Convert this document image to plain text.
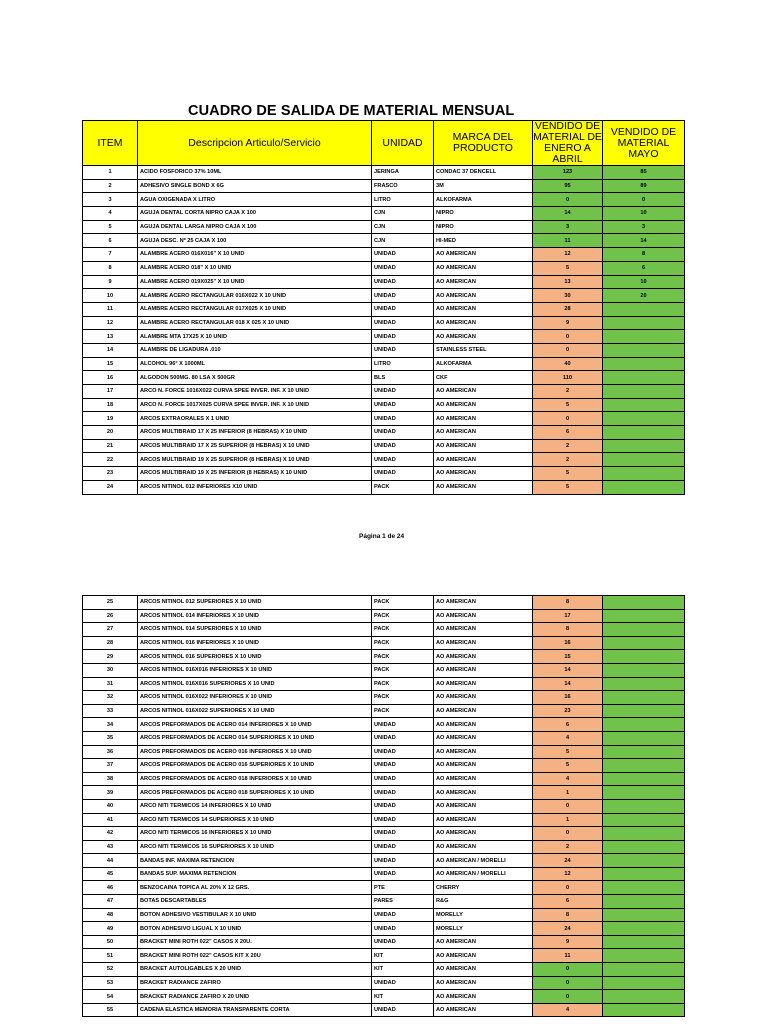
CUADRO DE SALIDA DE MATERIAL MENSUAL
ITEM	Descripcion Articulo/Servicio	UNIDAD	MARCA DEL PRODUCTO	VENDIDO DE MATERIAL DE ENERO A ABRIL	VENDIDO DE MATERIAL MAYO
1	ACIDO FOSFORICO 37% 10ML	JERINGA	CONDAC 37 DENCELL	123	85
2	ADHESIVO SINGLE BOND X 6G	FRASCO	3M	95	89
3	AGUA OXIGENADA X LITRO	LITRO	ALKOFARMA	0	0
4	AGUJA DENTAL CORTA NIPRO CAJA X 100	CJN	NIPRO	14	10
5	AGUJA DENTAL LARGA NIPRO CAJA X 100	CJN	NIPRO	3	3
6	AGUJA DESC. Nº 25 CAJA X 100	CJN	HI-MED	11	14
7	ALAMBRE ACERO 016X016" X 10 UNID	UNIDAD	AO AMERICAN	12	8
8	ALAMBRE ACERO 018" X 10 UNID	UNIDAD	AO AMERICAN	5	6
9	ALAMBRE ACERO 019X025" X 10 UNID	UNIDAD	AO AMERICAN	13	10
10	ALAMBRE ACERO RECTANGULAR 016X022 X 10 UNID	UNIDAD	AO AMERICAN	30	20
11	ALAMBRE ACERO RECTANGULAR 017X025 X 10 UNID	UNIDAD	AO AMERICAN	28	
12	ALAMBRE ACERO RECTANGULAR 018 X 025 X 10 UNID	UNIDAD	AO AMERICAN	9	
13	ALAMBRE MTA 17X25 X 10 UNID	UNIDAD	AO AMERICAN	0	
14	ALAMBRE DE LIGADURA .010	UNIDAD	STAINLESS STEEL	0	
15	ALCOHOL 96° X 1000ML	LITRO	ALKOFARMA	40	
16	ALGODON 500MG. 80 LSA X 500GR	BLS	CKF	110	
17	ARCO N. FORCE 1016X022 CURVA SPEE INVER. INF. X 10 UNID	UNIDAD	AO AMERICAN	2	
18	ARCO N. FORCE 1017X025 CURVA SPEE INVER. INF. X 10 UNID	UNIDAD	AO AMERICAN	5	
19	ARCOS EXTRAORALES X 1 UNID	UNIDAD	AO AMERICAN	0	
20	ARCOS MULTIBRAID 17 X 25 INFERIOR (8 HEBRAS) X 10 UNID	UNIDAD	AO AMERICAN	6	
21	ARCOS MULTIBRAID 17 X 25 SUPERIOR (8 HEBRAS) X 10 UNID	UNIDAD	AO AMERICAN	2	
22	ARCOS MULTIBRAID 19 X 25 SUPERIOR (8 HEBRAS) X 10 UNID	UNIDAD	AO AMERICAN	2	
23	ARCOS MULTIBRAID 19 X 25 INFERIOR (8 HEBRAS) X 10 UNID	UNIDAD	AO AMERICAN	5	
24	ARCOS NITINOL 012 INFERIORES X10 UNID	PACK	AO AMERICAN	5	
Página 1 de 24
25	ARCOS NITINOL 012 SUPERIORES X 10 UNID	PACK	AO AMERICAN	8	
26	ARCOS NITINOL 014 INFERIORES X 10 UNID	PACK	AO AMERICAN	17	
27	ARCOS NITINOL 014 SUPERIORES X 10 UNID	PACK	AO AMERICAN	8	
28	ARCOS NITINOL 016 INFERIORES X 10 UNID	PACK	AO AMERICAN	16	
29	ARCOS NITINOL 016 SUPERIORES X 10 UNID	PACK	AO AMERICAN	15	
30	ARCOS NITINOL 016X016 INFERIORES X 10 UNID	PACK	AO AMERICAN	14	
31	ARCOS NITINOL 016X016 SUPERIORES X 10 UNID	PACK	AO AMERICAN	14	
32	ARCOS NITINOL 016X022 INFERIORES X 10 UNID	PACK	AO AMERICAN	16	
33	ARCOS NITINOL 016X022 SUPERIORES X 10 UNID	PACK	AO AMERICAN	23	
34	ARCOS PREFORMADOS DE ACERO 014 INFERIORES X 10 UNID	UNIDAD	AO AMERICAN	6	
35	ARCOS PREFORMADOS DE ACERO 014 SUPERIORES X 10 UNID	UNIDAD	AO AMERICAN	4	
36	ARCOS PREFORMADOS DE ACERO 016 INFERIORES X 10 UNID	UNIDAD	AO AMERICAN	5	
37	ARCOS PREFORMADOS DE ACERO 016 SUPERIORES X 10 UNID	UNIDAD	AO AMERICAN	5	
38	ARCOS PREFORMADOS DE ACERO 018 INFERIORES X 10 UNID	UNIDAD	AO AMERICAN	4	
39	ARCOS PREFORMADOS DE ACERO 018 SUPERIORES X 10 UNID	UNIDAD	AO AMERICAN	1	
40	ARCO NITI TERMICOS 14 INFERIORES X 10 UNID	UNIDAD	AO AMERICAN	0	
41	ARCO NITI TERMICOS 14 SUPERIORES X 10 UNID	UNIDAD	AO AMERICAN	1	
42	ARCO NITI TERMICOS 16 INFERIORES X 10 UNID	UNIDAD	AO AMERICAN	0	
43	ARCO NITI TERMICOS 16 SUPERIORES X 10 UNID	UNIDAD	AO AMERICAN	2	
44	BANDAS INF. MAXIMA RETENCION	UNIDAD	AO AMERICAN / MORELLI	24	
45	BANDAS SUP. MAXIMA RETENCION	UNIDAD	AO AMERICAN / MORELLI	12	
46	BENZOCAINA TOPICA AL 20% X 12 GRS.	PTE	CHERRY	0	
47	BOTAS DESCARTABLES	PARES	R&G	6	
48	BOTON ADHESIVO VESTIBULAR X 10 UNID	UNIDAD	MORELLY	8	
49	BOTON ADHESIVO LIGUAL X 10 UNID	UNIDAD	MORELLY	24	
50	BRACKET MINI ROTH 022" CASOS X 20U.	UNIDAD	AO AMERICAN	9	
51	BRACKET MINI ROTH 022" CASOS KIT X 20U	KIT	AO AMERICAN	11	
52	BRACKET AUTOLIGABLES X 20 UNID	KIT	AO AMERICAN	0	
53	BRACKET RADIANCE ZAFIRO	UNIDAD	AO AMERICAN	0	
54	BRACKET RADIANCE ZAFIRO X 20 UNID	KIT	AO AMERICAN	0	
55	CADENA ELASTICA MEMORIA TRANSPARENTE CORTA	UNIDAD	AO AMERICAN	4	
